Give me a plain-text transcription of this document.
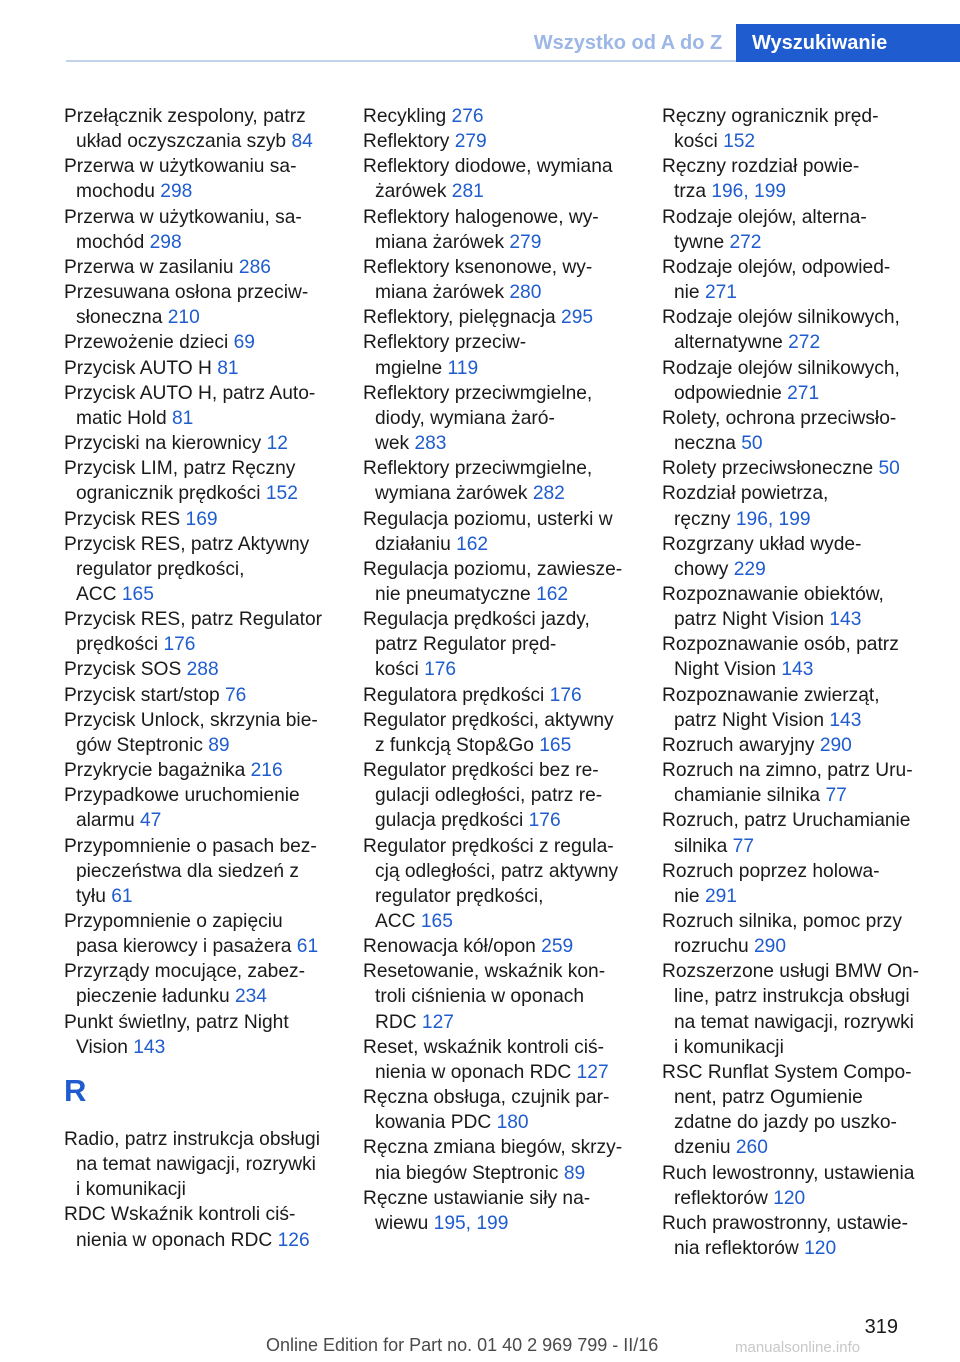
Wszystko od A do Z	Wyszukiwanie
Przełącznik zespolony, patrz
układ oczyszczania szyb 84
Przerwa w użytkowaniu sa-
mochodu 298
Przerwa w użytkowaniu, sa-
mochód 298
Przerwa w zasilaniu 286
Przesuwana osłona przeciw-
słoneczna 210
Przewożenie dzieci 69
Przycisk AUTO H 81
Przycisk AUTO H, patrz Auto-
matic Hold 81
Przyciski na kierownicy 12
Przycisk LIM, patrz Ręczny
ogranicznik prędkości 152
Przycisk RES 169
Przycisk RES, patrz Aktywny
regulator prędkości,
ACC 165
Przycisk RES, patrz Regulator
prędkości 176
Przycisk SOS 288
Przycisk start/stop 76
Przycisk Unlock, skrzynia bie-
gów Steptronic 89
Przykrycie bagażnika 216
Przypadkowe uruchomienie
alarmu 47
Przypomnienie o pasach bez-
pieczeństwa dla siedzeń z
tyłu 61
Przypomnienie o zapięciu
pasa kierowcy i pasażera 61
Przyrządy mocujące, zabez-
pieczenie ładunku 234
Punkt świetlny, patrz Night
Vision 143
R
Radio, patrz instrukcja obsługi
na temat nawigacji, rozrywki
i komunikacji
RDC Wskaźnik kontroli ciś-
nienia w oponach RDC 126
Recykling 276
Reflektory 279
Reflektory diodowe, wymiana
żarówek 281
Reflektory halogenowe, wy-
miana żarówek 279
Reflektory ksenonowe, wy-
miana żarówek 280
Reflektory, pielęgnacja 295
Reflektory przeciw-
mgielne 119
Reflektory przeciwmgielne,
diody, wymiana żaró-
wek 283
Reflektory przeciwmgielne,
wymiana żarówek 282
Regulacja poziomu, usterki w
działaniu 162
Regulacja poziomu, zawiesze-
nie pneumatyczne 162
Regulacja prędkości jazdy,
patrz Regulator pręd-
kości 176
Regulatora prędkości 176
Regulator prędkości, aktywny
z funkcją Stop&Go 165
Regulator prędkości bez re-
gulacji odległości, patrz re-
gulacja prędkości 176
Regulator prędkości z regula-
cją odległości, patrz aktywny
regulator prędkości,
ACC 165
Renowacja kół/opon 259
Resetowanie, wskaźnik kon-
troli ciśnienia w oponach
RDC 127
Reset, wskaźnik kontroli ciś-
nienia w oponach RDC 127
Ręczna obsługa, czujnik par-
kowania PDC 180
Ręczna zmiana biegów, skrzy-
nia biegów Steptronic 89
Ręczne ustawianie siły na-
wiewu 195, 199
Ręczny ogranicznik pręd-
kości 152
Ręczny rozdział powie-
trza 196, 199
Rodzaje olejów, alterna-
tywne 272
Rodzaje olejów, odpowied-
nie 271
Rodzaje olejów silnikowych,
alternatywne 272
Rodzaje olejów silnikowych,
odpowiednie 271
Rolety, ochrona przeciwsło-
neczna 50
Rolety przeciwsłoneczne 50
Rozdział powietrza,
ręczny 196, 199
Rozgrzany układ wyde-
chowy 229
Rozpoznawanie obiektów,
patrz Night Vision 143
Rozpoznawanie osób, patrz
Night Vision 143
Rozpoznawanie zwierząt,
patrz Night Vision 143
Rozruch awaryjny 290
Rozruch na zimno, patrz Uru-
chamianie silnika 77
Rozruch, patrz Uruchamianie
silnika 77
Rozruch poprzez holowa-
nie 291
Rozruch silnika, pomoc przy
rozruchu 290
Rozszerzone usługi BMW On-
line, patrz instrukcja obsługi
na temat nawigacji, rozrywki
i komunikacji
RSC Runflat System Compo-
nent, patrz Ogumienie
zdatne do jazdy po uszko-
dzeniu 260
Ruch lewostronny, ustawienia
reflektorów 120
Ruch prawostronny, ustawie-
nia reflektorów 120
319
Online Edition for Part no. 01 40 2 969 799 - II/16	manualsonline.info
